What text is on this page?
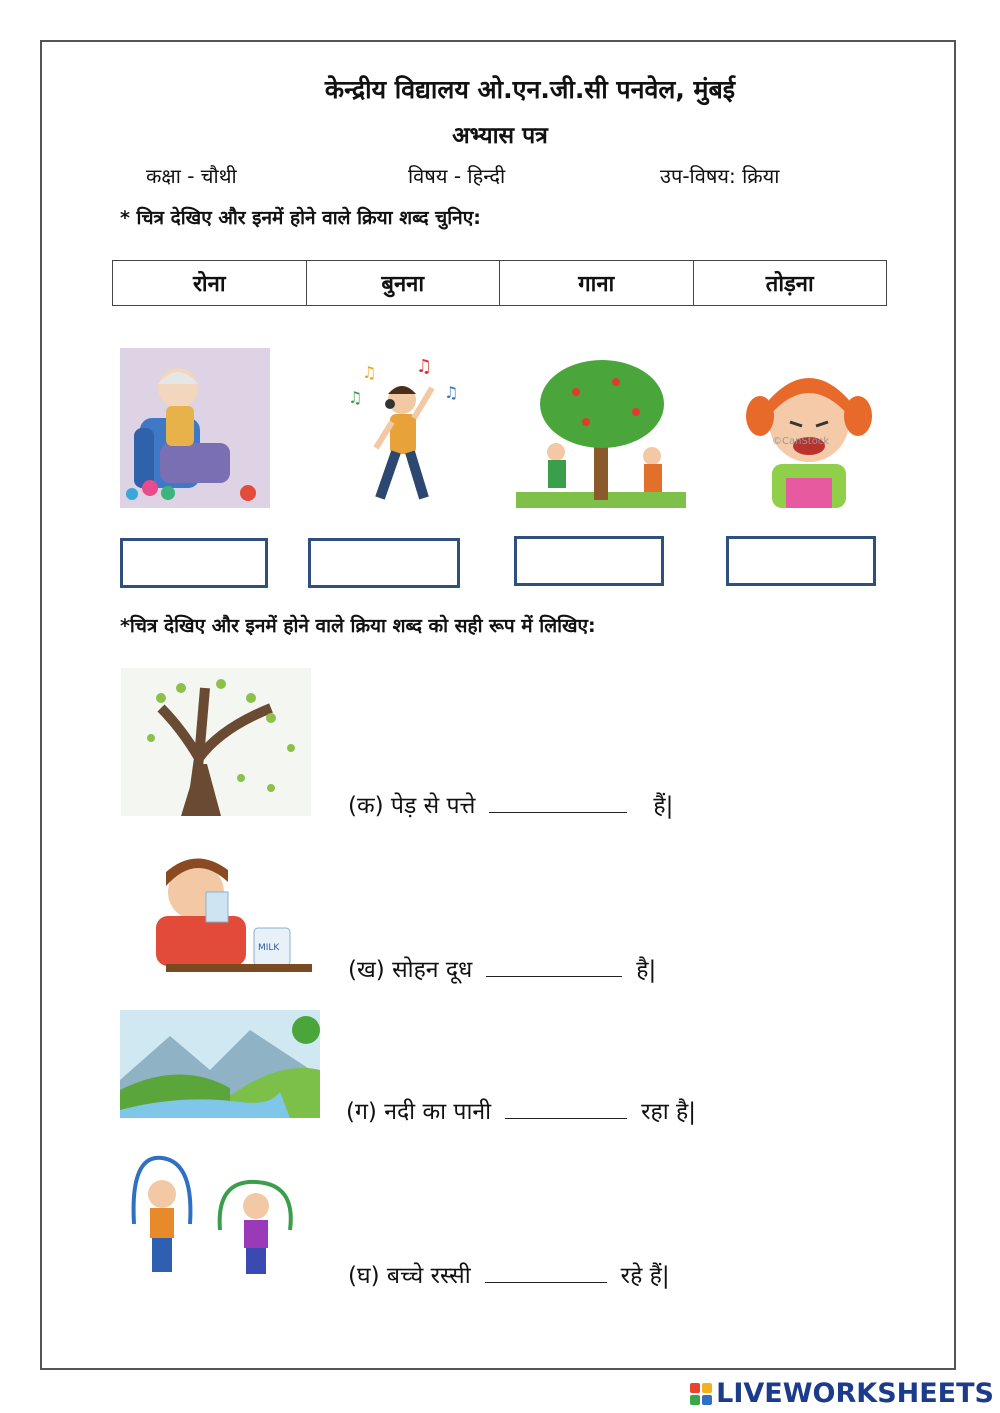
केन्द्रीय विद्यालय ओ.एन.जी.सी पनवेल, मुंबई
अभ्यास पत्र
कक्षा - चौथी	विषय - हिन्दी	उप-विषय: क्रिया
* चित्र देखिए और इनमें होने वाले क्रिया शब्द चुनिए:
रोना	बुनना	गाना	तोड़ना
♫
♫ ♫
♫
©CanStock
*चित्र देखिए और इनमें होने वाले क्रिया शब्द को सही रूप में लिखिए:
(क) पेड़ से पत्ते	हैं|
MILK
(ख) सोहन दूध	है|
(ग) नदी का पानी	रहा है|
(घ) बच्चे रस्सी	रहे हैं|
LIVEWORKSHEETS
